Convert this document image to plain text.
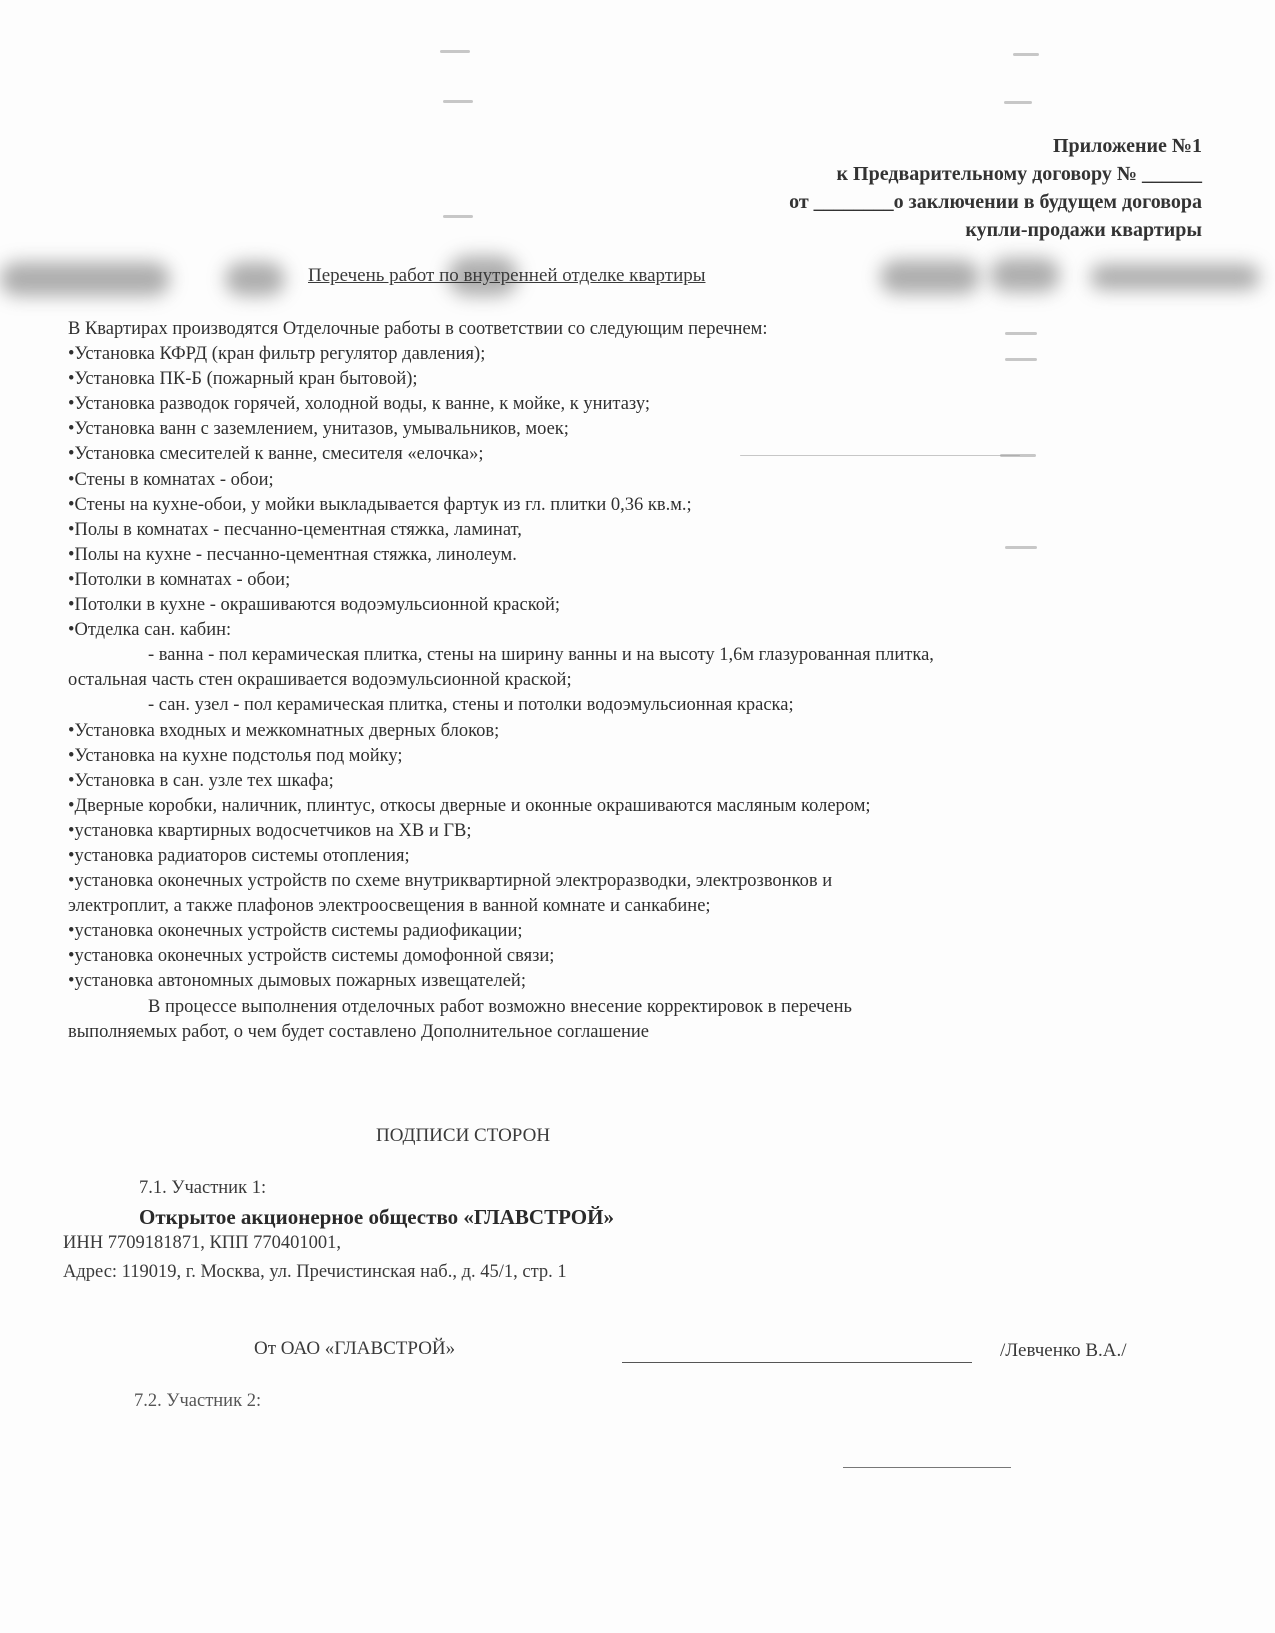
Приложение №1
к Предварительному договору № ______
от ________о заключении в будущем договора
купли-продажи квартиры
Перечень работ по внутренней отделке квартиры
В Квартирах производятся Отделочные работы в соответствии со следующим перечнем:
•Установка КФРД (кран фильтр регулятор давления);
•Установка ПК-Б (пожарный кран бытовой);
•Установка разводок горячей, холодной воды, к ванне, к мойке, к унитазу;
•Установка ванн с заземлением, унитазов, умывальников, моек;
•Установка смесителей к ванне, смесителя «елочка»;
•Стены в комнатах - обои;
•Стены на кухне-обои, у мойки выкладывается фартук из гл. плитки 0,36 кв.м.;
•Полы в комнатах - песчанно-цементная стяжка, ламинат,
•Полы на кухне - песчанно-цементная стяжка, линолеум.
•Потолки в комнатах - обои;
•Потолки в кухне - окрашиваются водоэмульсионной краской;
•Отделка сан. кабин:
- ванна - пол керамическая плитка, стены на ширину ванны и на высоту 1,6м глазурованная плитка,
остальная часть стен окрашивается водоэмульсионной краской;
- сан. узел - пол керамическая плитка, стены и потолки водоэмульсионная краска;
•Установка входных и межкомнатных дверных блоков;
•Установка на кухне подстолья под мойку;
•Установка в сан. узле тех шкафа;
•Дверные коробки, наличник, плинтус, откосы дверные и оконные окрашиваются масляным колером;
•установка квартирных водосчетчиков на ХВ и ГВ;
•установка радиаторов системы отопления;
•установка оконечных устройств по схеме внутриквартирной электроразводки, электрозвонков и
электроплит, а также плафонов электроосвещения в ванной комнате и санкабине;
•установка оконечных устройств системы радиофикации;
•установка оконечных устройств системы домофонной связи;
•установка автономных дымовых пожарных извещателей;
В процессе выполнения отделочных работ возможно внесение корректировок в перечень
выполняемых работ, о чем будет составлено Дополнительное соглашение
ПОДПИСИ СТОРОН
7.1. Участник 1:
Открытое акционерное общество «ГЛАВСТРОЙ»
ИНН 7709181871, КПП 770401001,
Адрес: 119019, г. Москва, ул. Пречистинская наб., д. 45/1, стр. 1
От ОАО «ГЛАВСТРОЙ»	/Левченко В.А./
7.2. Участник 2:
